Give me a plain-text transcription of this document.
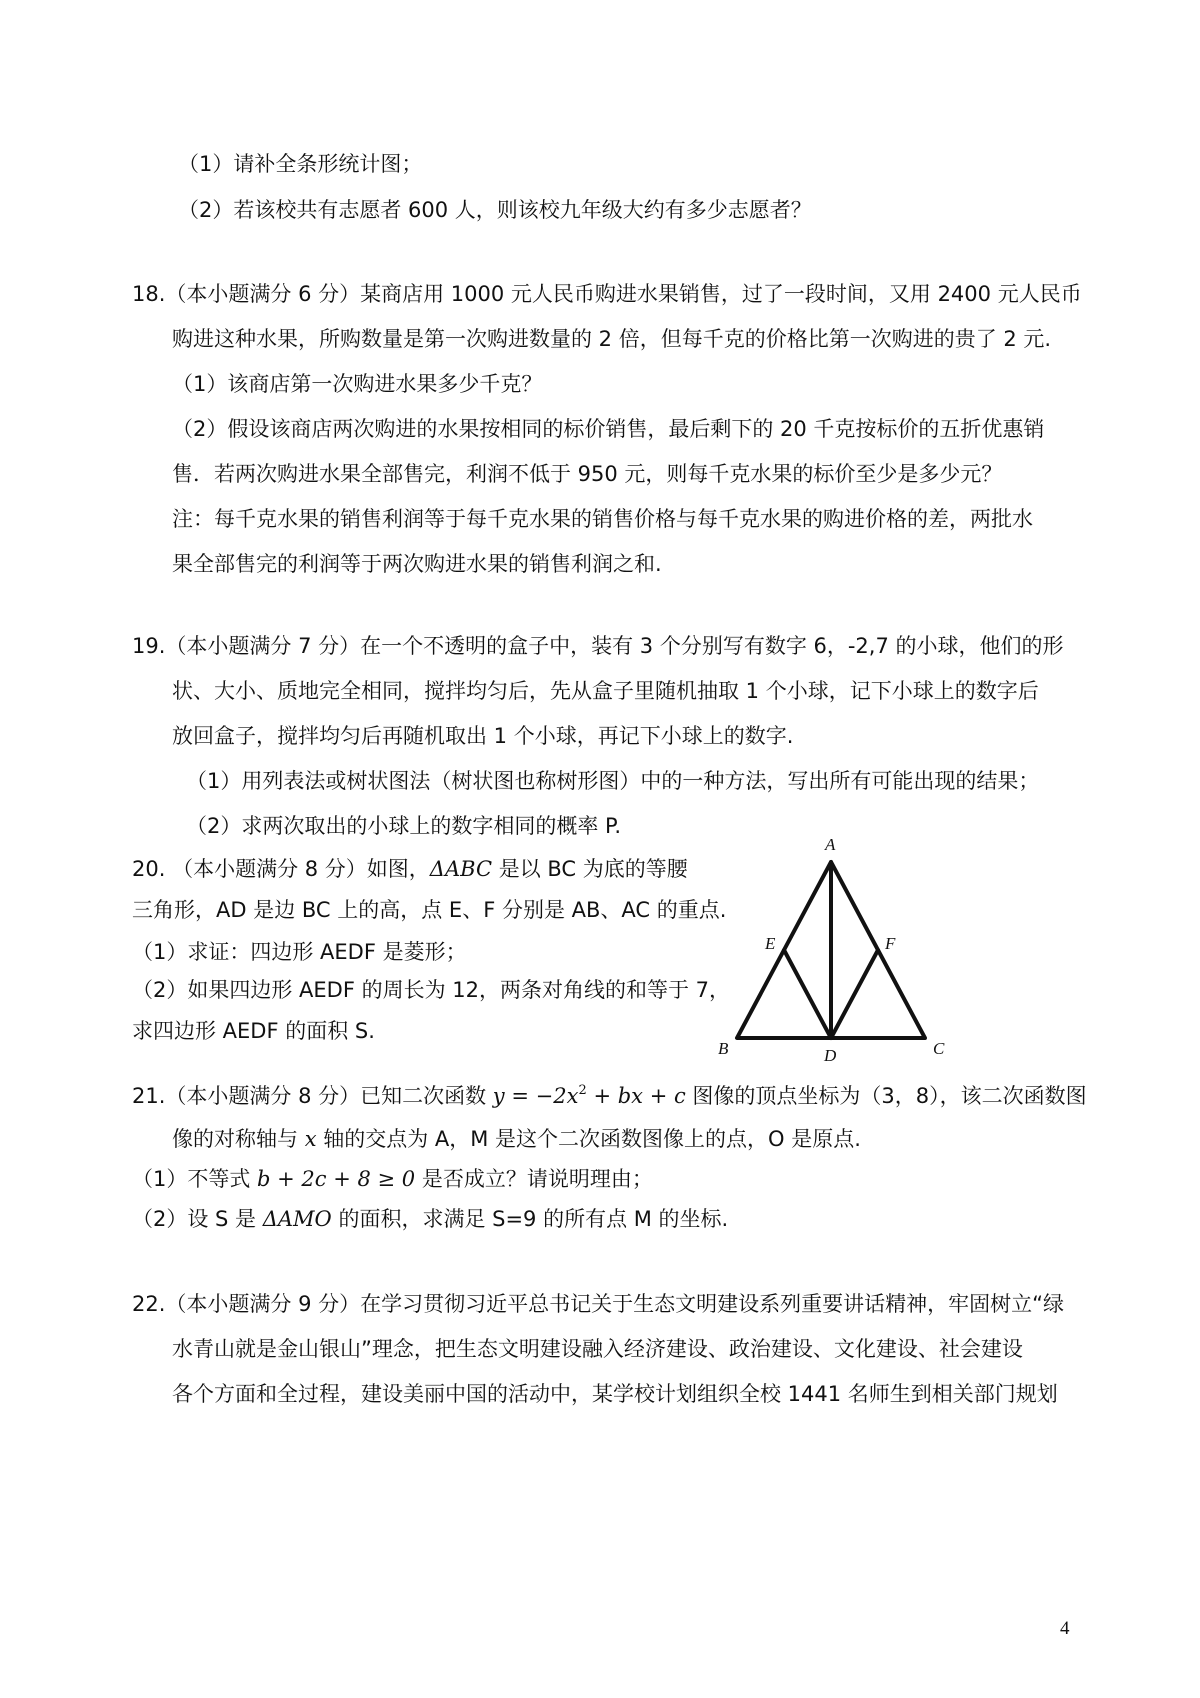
（1）请补全条形统计图；
（2）若该校共有志愿者 600 人，则该校九年级大约有多少志愿者？
18.（本小题满分 6 分）某商店用 1000 元人民币购进水果销售，过了一段时间，又用 2400 元人民币
购进这种水果，所购数量是第一次购进数量的 2 倍，但每千克的价格比第一次购进的贵了 2 元.
（1）该商店第一次购进水果多少千克？
（2）假设该商店两次购进的水果按相同的标价销售，最后剩下的 20 千克按标价的五折优惠销
售．若两次购进水果全部售完，利润不低于 950 元，则每千克水果的标价至少是多少元？
注：每千克水果的销售利润等于每千克水果的销售价格与每千克水果的购进价格的差，两批水
果全部售完的利润等于两次购进水果的销售利润之和.
19.（本小题满分 7 分）在一个不透明的盒子中，装有 3 个分别写有数字 6，-2,7 的小球，他们的形
状、大小、质地完全相同，搅拌均匀后，先从盒子里随机抽取 1 个小球，记下小球上的数字后
放回盒子，搅拌均匀后再随机取出 1 个小球，再记下小球上的数字.
（1）用列表法或树状图法（树状图也称树形图）中的一种方法，写出所有可能出现的结果；
（2）求两次取出的小球上的数字相同的概率 P.
20. （本小题满分 8 分）如图，ΔABC 是以 BC 为底的等腰
三角形，AD 是边 BC 上的高，点 E、F 分别是 AB、AC 的重点.
（1）求证：四边形 AEDF 是菱形；
（2）如果四边形 AEDF 的周长为 12，两条对角线的和等于 7，
求四边形 AEDF 的面积 S.
A
B	C
D
E	F
21.（本小题满分 8 分）已知二次函数 $y = -2x^2$ + bx + c 图像的顶点坐标为（3，8），该二次函数图
像的对称轴与 x 轴的交点为 A，M 是这个二次函数图像上的点，O 是原点.
（1）不等式 b + 2c + 8 ≥ 0 是否成立？请说明理由；
（2）设 S 是 ΔAMO 的面积，求满足 S=9 的所有点 M 的坐标.
22.（本小题满分 9 分）在学习贯彻习近平总书记关于生态文明建设系列重要讲话精神，牢固树立“绿
水青山就是金山银山”理念，把生态文明建设融入经济建设、政治建设、文化建设、社会建设
各个方面和全过程，建设美丽中国的活动中，某学校计划组织全校 1441 名师生到相关部门规划
4
